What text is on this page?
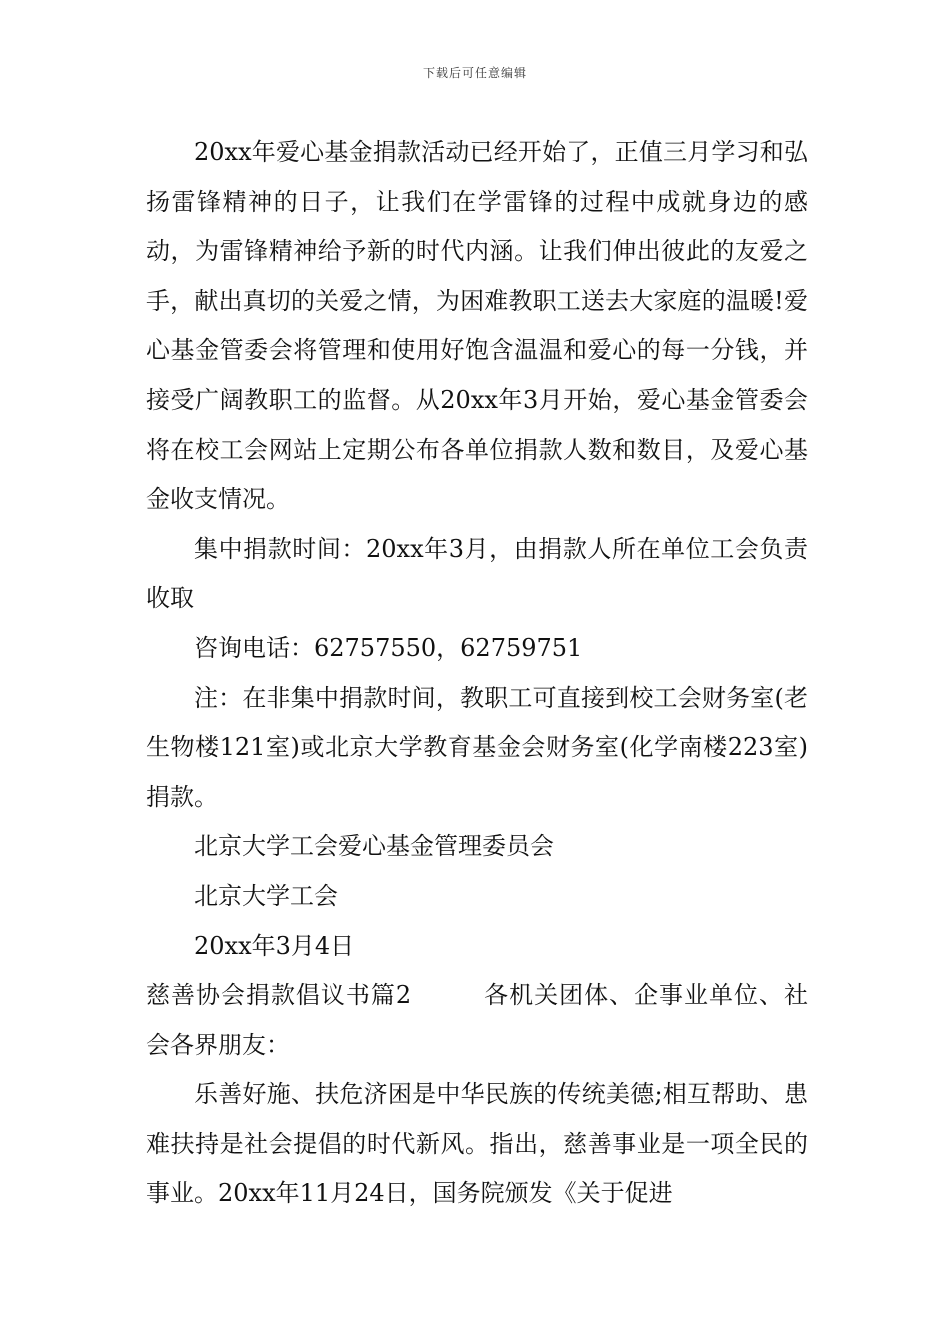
下载后可任意编辑

20xx年爱心基金捐款活动已经开始了，正值三月学习和弘扬雷锋精神的日子，让我们在学雷锋的过程中成就身边的感动，为雷锋精神给予新的时代内涵。让我们伸出彼此的友爱之手，献出真切的关爱之情，为困难教职工送去大家庭的温暖!爱心基金管委会将管理和使用好饱含温温和爱心的每一分钱，并接受广阔教职工的监督。从20xx年3月开始，爱心基金管委会将在校工会网站上定期公布各单位捐款人数和数目，及爱心基金收支情况。

集中捐款时间：20xx年3月，由捐款人所在单位工会负责收取

咨询电话：62757550，62759751

注：在非集中捐款时间，教职工可直接到校工会财务室(老生物楼121室)或北京大学教育基金会财务室(化学南楼223室)捐款。

北京大学工会爱心基金管理委员会

北京大学工会

20xx年3月4日

慈善协会捐款倡议书篇2	各机关团体、企事业单位、社会各界朋友：

乐善好施、扶危济困是中华民族的传统美德;相互帮助、患难扶持是社会提倡的时代新风。指出，慈善事业是一项全民的事业。20xx年11月24日，国务院颁发《关于促进
